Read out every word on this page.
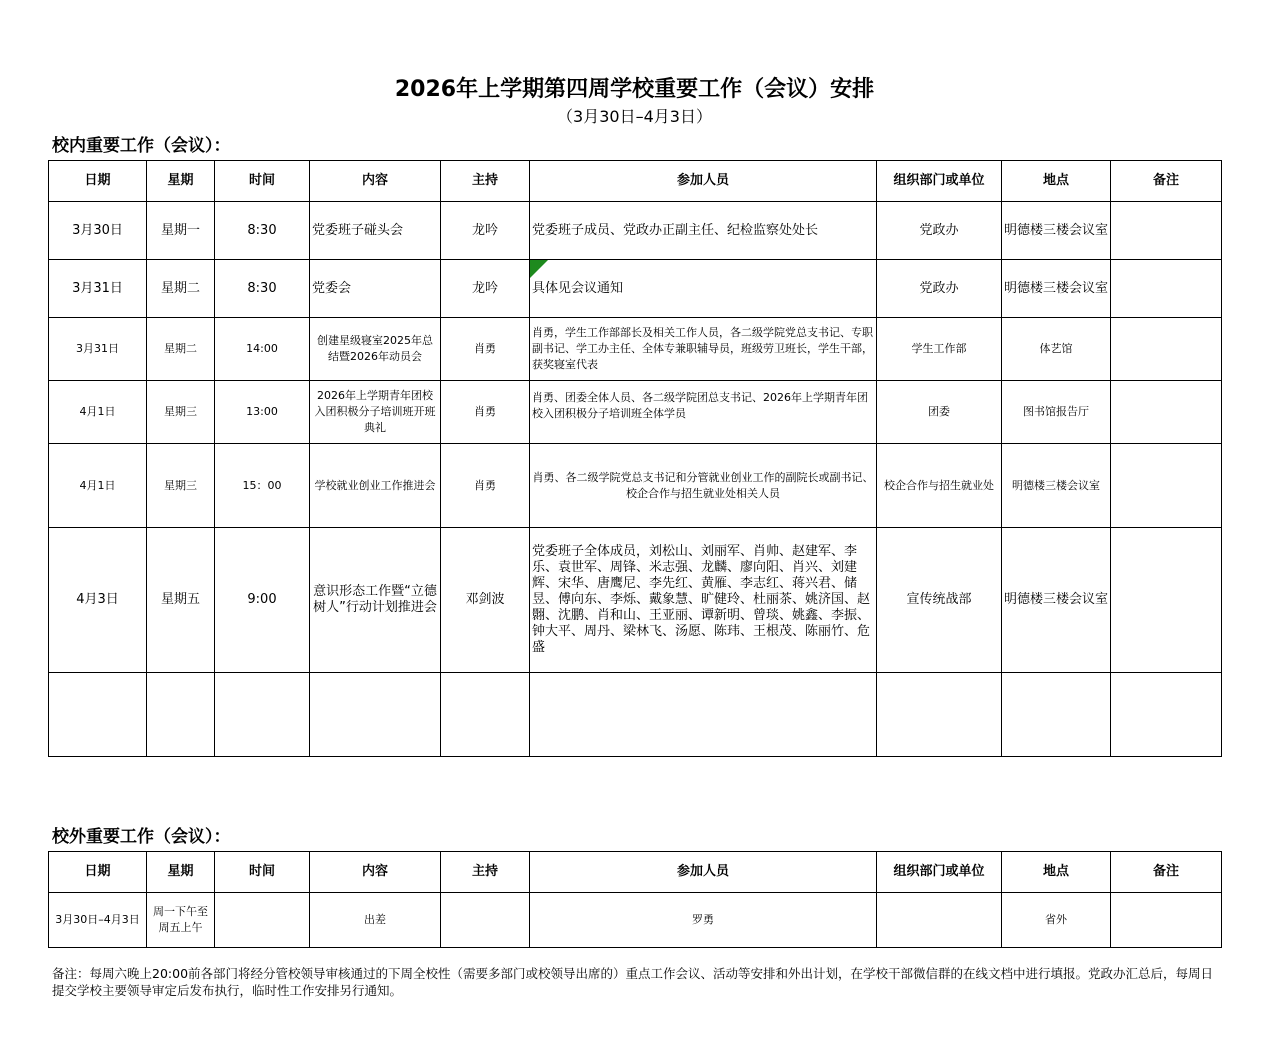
2026年上学期第四周学校重要工作（会议）安排
（3月30日–4月3日）
校内重要工作（会议）：
日期	星期	时间	内容	主持	参加人员	组织部门或单位	地点	备注
3月30日	星期一	8:30	党委班子碰头会	龙吟	党委班子成员、党政办正副主任、纪检监察处处长	党政办	明德楼三楼会议室	
3月31日	星期二	8:30	党委会	龙吟	具体见会议通知	党政办	明德楼三楼会议室	
3月31日	星期二	14:00	创建星级寝室2025年总结暨2026年动员会	肖勇	肖勇，学生工作部部长及相关工作人员，各二级学院党总支书记、专职副书记、学工办主任、全体专兼职辅导员，班级劳卫班长，学生干部，获奖寝室代表	学生工作部	体艺馆	
4月1日	星期三	13:00	2026年上学期青年团校入团积极分子培训班开班典礼	肖勇	肖勇、团委全体人员、各二级学院团总支书记、2026年上学期青年团校入团积极分子培训班全体学员	团委	图书馆报告厅	
4月1日	星期三	15：00	学校就业创业工作推进会	肖勇	肖勇、各二级学院党总支书记和分管就业创业工作的副院长或副书记、校企合作与招生就业处相关人员	校企合作与招生就业处	明德楼三楼会议室	
4月3日	星期五	9:00	意识形态工作暨“立德树人”行动计划推进会	邓剑波	党委班子全体成员，刘松山、刘丽军、肖帅、赵建军、李乐、袁世军、周锋、米志强、龙麟、廖向阳、肖兴、刘建辉、宋华、唐鹰尼、李先红、黄雁、李志红、蒋兴君、储昱、傅向东、李烁、戴象慧、旷健玲、杜丽茶、姚济国、赵翾、沈鹏、肖和山、王亚丽、谭新明、曾琰、姚鑫、李振、钟大平、周丹、梁林飞、汤愿、陈玮、王根茂、陈丽竹、危盛	宣传统战部	明德楼三楼会议室	

校外重要工作（会议）：
日期	星期	时间	内容	主持	参加人员	组织部门或单位	地点	备注
3月30日–4月3日	周一下午至周五上午		出差		罗勇		省外	
备注：每周六晚上20:00前各部门将经分管校领导审核通过的下周全校性（需要多部门或校领导出席的）重点工作会议、活动等安排和外出计划，在学校干部微信群的在线文档中进行填报。党政办汇总后，每周日提交学校主要领导审定后发布执行，临时性工作安排另行通知。
